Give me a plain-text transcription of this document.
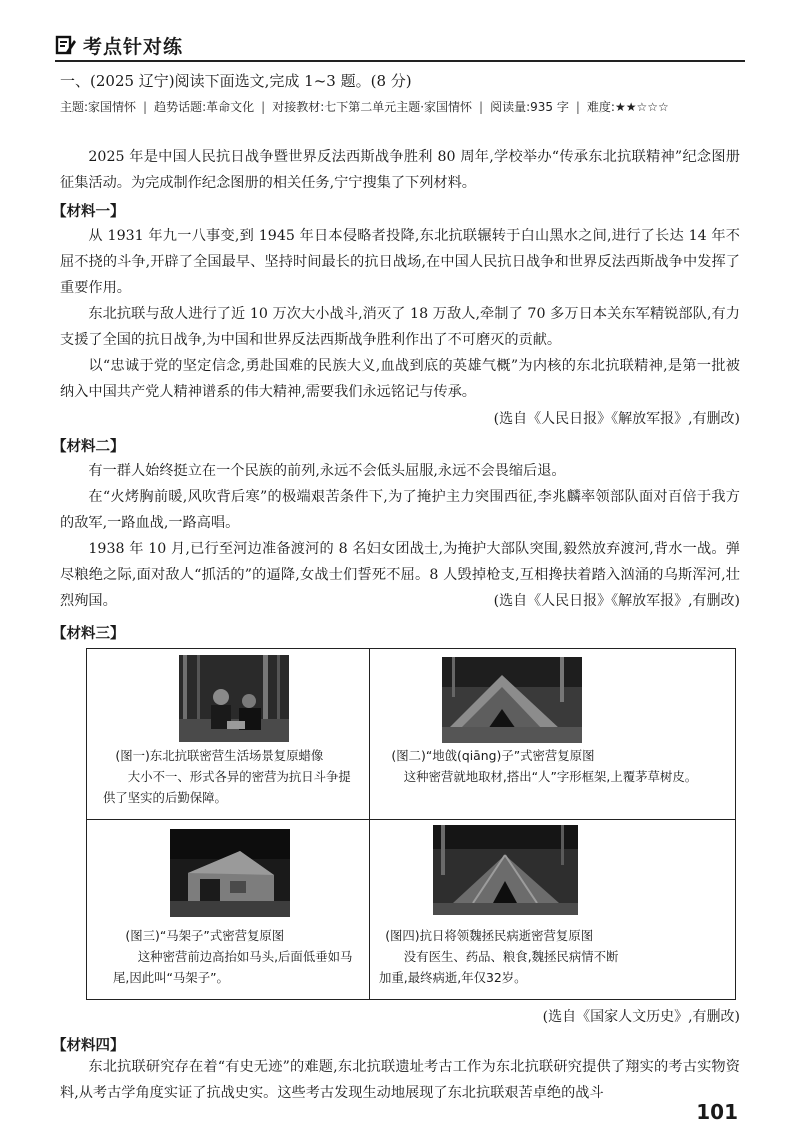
考点针对练
一、(2025 辽宁)阅读下面选文,完成 1~3 题。(8 分)
主题:家国情怀 | 趋势话题:革命文化 | 对接教材:七下第二单元主题·家国情怀 | 阅读量:935 字 | 难度:★★☆☆☆

2025 年是中国人民抗日战争暨世界反法西斯战争胜利 80 周年,学校举办“传承东北抗联精神”纪念图册征集活动。为完成制作纪念图册的相关任务,宁宁搜集了下列材料。

【材料一】

从 1931 年九一八事变,到 1945 年日本侵略者投降,东北抗联辗转于白山黑水之间,进行了长达 14 年不屈不挠的斗争,开辟了全国最早、坚持时间最长的抗日战场,在中国人民抗日战争和世界反法西斯战争中发挥了重要作用。

东北抗联与敌人进行了近 10 万次大小战斗,消灭了 18 万敌人,牵制了 70 多万日本关东军精锐部队,有力支援了全国的抗日战争,为中国和世界反法西斯战争胜利作出了不可磨灭的贡献。

以“忠诚于党的坚定信念,勇赴国难的民族大义,血战到底的英雄气概”为内核的东北抗联精神,是第一批被纳入中国共产党人精神谱系的伟大精神,需要我们永远铭记与传承。

(选自《人民日报》《解放军报》,有删改)
【材料二】

有一群人始终挺立在一个民族的前列,永远不会低头屈服,永远不会畏缩后退。

在“火烤胸前暖,风吹背后寒”的极端艰苦条件下,为了掩护主力突围西征,李兆麟率领部队面对百倍于我方的敌军,一路血战,一路高唱。

1938 年 10 月,已行至河边准备渡河的 8 名妇女团战士,为掩护大部队突围,毅然放弃渡河,背水一战。弹尽粮绝之际,面对敌人“抓活的”的逼降,女战士们誓死不屈。8 人毁掉枪支,互相搀扶着踏入汹涌的乌斯浑河,壮烈殉国。	(选自《人民日报》《解放军报》,有删改)
【材料三】
(图一)东北抗联密营生活场景复原蜡像
大小不一、形式各异的密营为抗日斗争提供了坚实的后勤保障。
(图二)“地戗(qiāng)子”式密营复原图
这种密营就地取材,搭出“人”字形框架,上覆茅草树皮。
(图三)“马架子”式密营复原图
这种密营前边高抬如马头,后面低垂如马尾,因此叫“马架子”。
(图四)抗日将领魏拯民病逝密营复原图
没有医生、药品、粮食,魏拯民病情不断加重,最终病逝,年仅32岁。
(选自《国家人文历史》,有删改)
【材料四】

东北抗联研究存在着“有史无迹”的难题,东北抗联遗址考古工作为东北抗联研究提供了翔实的考古实物资料,从考古学角度实证了抗战史实。这些考古发现生动地展现了东北抗联艰苦卓绝的战斗

101
